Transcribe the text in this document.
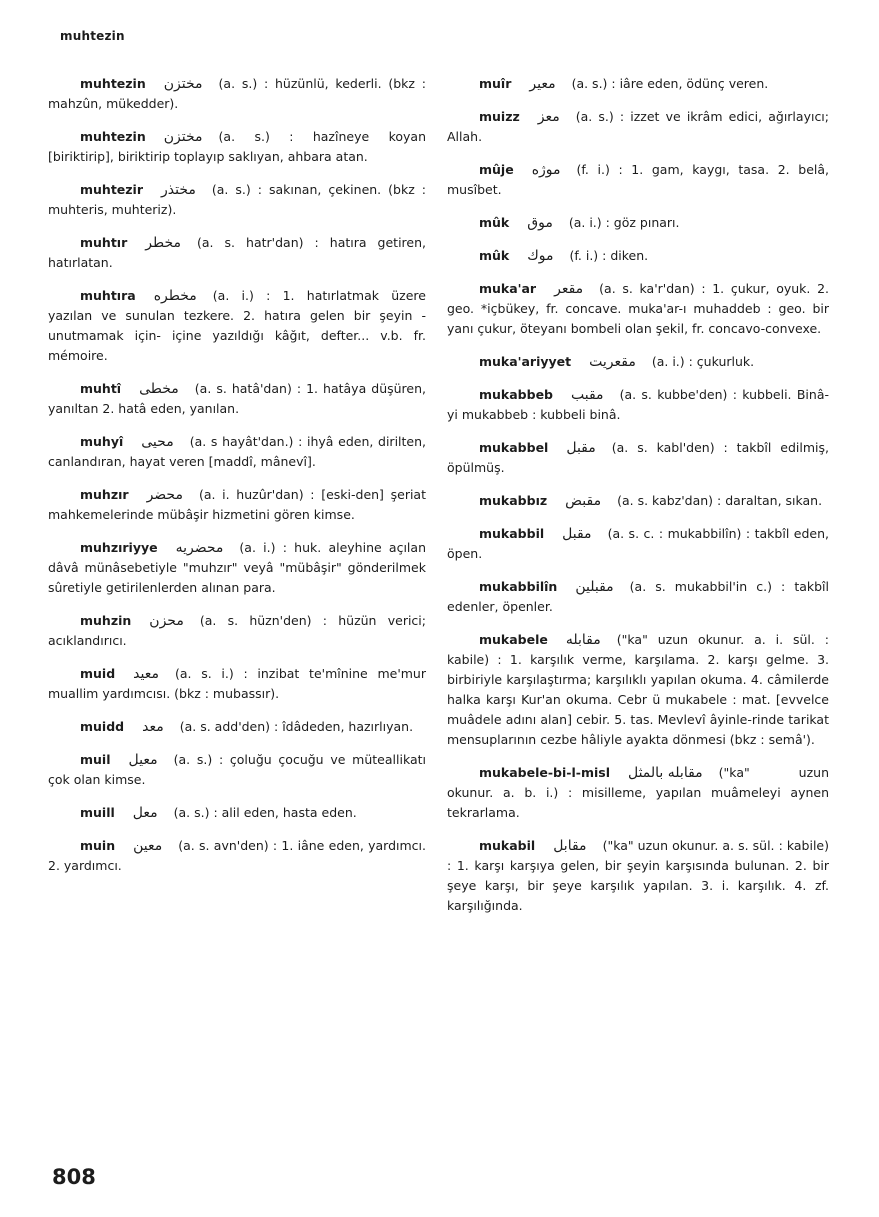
muhtezin
muhtezin مختزن (a. s.) : hüzünlü, kederli. (bkz : mahzûn, mükedder).
muhtezin مختزن (a. s.) : hazîneye koyan [biriktirip], biriktirip toplayıp saklıyan, ahbara atan.
muhtezir مختذر (a. s.) : sakınan, çekinen. (bkz : muhteris, muhteriz).
muhtır مخطر (a. s. hatr'dan) : hatıra getiren, hatırlatan.
muhtıra مخطره (a. i.) : 1. hatırlatmak üzere yazılan ve sunulan tezkere. 2. hatıra gelen bir şeyin -unutmamak için- içine yazıldığı kâğıt, defter... v.b. fr. mémoire.
muhtî مخطى (a. s. hatâ'dan) : 1. hatâya düşüren, yanıltan 2. hatâ eden, yanılan.
muhyî محيى (a. s hayât'dan.) : ihyâ eden, dirilten, canlandıran, hayat veren [maddî, mânevî].
muhzır محضر (a. i. huzûr'dan) : [eski-den] şeriat mahkemelerinde mübâşir hizmetini gören kimse.
muhzıriyye محضريه (a. i.) : huk. aleyhine açılan dâvâ münâsebetiyle "muhzır" veyâ "mübâşir" gönderilmek sûretiyle getirilenlerden alınan para.
muhzin محزن (a. s. hüzn'den) : hüzün verici; acıklandırıcı.
muid معيد (a. s. i.) : inzibat te'mînine me'mur muallim yardımcısı. (bkz : mubassır).
muidd معد (a. s. add'den) : îdâdeden, hazırlıyan.
muil معيل (a. s.) : çoluğu çocuğu ve müteallikatı çok olan kimse.
muill معل (a. s.) : alil eden, hasta eden.
muin معين (a. s. avn'den) : 1. iâne eden, yardımcı. 2. yardımcı.
muîr معير (a. s.) : iâre eden, ödünç veren.
muizz معز (a. s.) : izzet ve ikrâm edici, ağırlayıcı; Allah.
mûje موژه (f. i.) : 1. gam, kaygı, tasa. 2. belâ, musîbet.
mûk موق (a. i.) : göz pınarı.
mûk موك (f. i.) : diken.
muka'ar مقعر (a. s. ka'r'dan) : 1. çukur, oyuk. 2. geo. *içbükey, fr. concave. muka'ar-ı muhaddeb : geo. bir yanı çukur, öteyanı bombeli olan şekil, fr. concavo-convexe.
muka'ariyyet مقعريت (a. i.) : çukurluk.
mukabbeb مقبب (a. s. kubbe'den) : kubbeli. Binâ-yi mukabbeb : kubbeli binâ.
mukabbel مقبل (a. s. kabl'den) : takbîl edilmiş, öpülmüş.
mukabbız مقبض (a. s. kabz'dan) : daraltan, sıkan.
mukabbil مقبل (a. s. c. : mukabbilîn) : takbîl eden, öpen.
mukabbilîn مقبلين (a. s. mukabbil'in c.) : takbîl edenler, öpenler.
mukabele مقابله ("ka" uzun okunur. a. i. sül. : kabile) : 1. karşılık verme, karşılama. 2. karşı gelme. 3. birbiriyle karşılaştırma; karşılıklı yapılan okuma. 4. câmilerde halka karşı Kur'an okuma. Cebr ü mukabele : mat. [evvelce muâdele adını alan] cebir. 5. tas. Mevlevî âyinle-rinde tarikat mensuplarının cezbe hâliyle ayakta dönmesi (bkz : semâ').
mukabele-bi-l-misl مقابله بالمثل ("ka" uzun okunur. a. b. i.) : misilleme, yapılan muâmeleyi aynen tekrarlama.
mukabil مقابل ("ka" uzun okunur. a. s. sül. : kabile) : 1. karşı karşıya gelen, bir şeyin karşısında bulunan. 2. bir şeye karşı, bir şeye karşılık yapılan. 3. i. karşılık. 4. zf. karşılığında.
808
